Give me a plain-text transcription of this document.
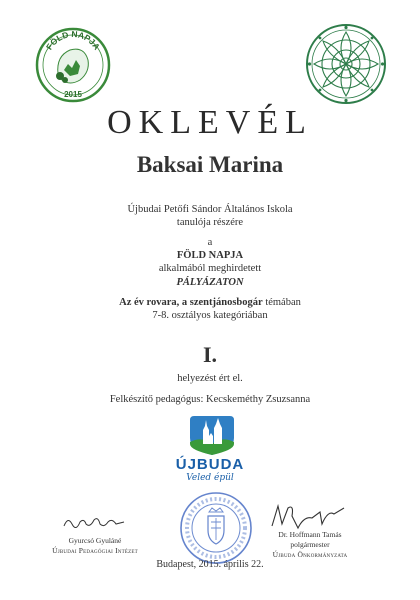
FÖLD NAPJA
2015
OKLEVÉL
Baksai Marina
Újbudai Petőfi Sándor Általános Iskola
tanulója részére
a
FÖLD NAPJA
alkalmából meghirdetett
PÁLYÁZATON
Az év rovara, a szentjánosbogár témában
7-8. osztályos kategóriában
I.
helyezést ért el.
Felkészítő pedagógus: Kecskeméthy Zsuzsanna
ÚJBUDA
Veled épül
Gyurcsó Gyuláné
Újbudai Pedagógiai Intézet
Dr. Hoffmann Tamás
polgármester
Újbuda Önkormányzata
Budapest, 2015. április 22.
